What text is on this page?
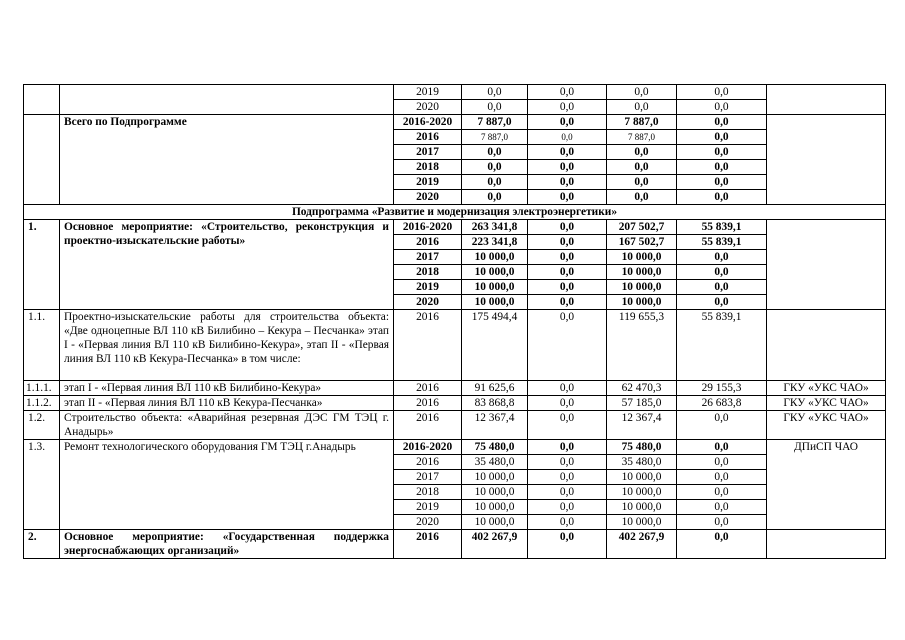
		2019	0,0	0,0	0,0	0,0	
		2020	0,0	0,0	0,0	0,0	
	Всего по Подпрограмме	2016-2020	7 887,0	0,0	7 887,0	0,0	
		2016	7 887,0	0,0	7 887,0	0,0	
		2017	0,0	0,0	0,0	0,0	
		2018	0,0	0,0	0,0	0,0	
		2019	0,0	0,0	0,0	0,0	
		2020	0,0	0,0	0,0	0,0	
Подпрограмма «Развитие и модернизация электроэнергетики»							
1.	Основное мероприятие: «Строительство, реконструкция и проектно-изыскательские работы»	2016-2020	263 341,8	0,0	207 502,7	55 839,1	
		2016	223 341,8	0,0	167 502,7	55 839,1	
		2017	10 000,0	0,0	10 000,0	0,0	
		2018	10 000,0	0,0	10 000,0	0,0	
		2019	10 000,0	0,0	10 000,0	0,0	
		2020	10 000,0	0,0	10 000,0	0,0	
1.1.	Проектно-изыскательские работы для строительства объекта: «Две одноцепные ВЛ 110 кВ Билибино – Кекура – Песчанка» этап I - «Первая линия ВЛ 110 кВ Билибино-Кекура», этап II - «Первая линия ВЛ 110 кВ Кекура-Песчанка» в том числе:	2016	175 494,4	0,0	119 655,3	55 839,1	
1.1.1.	этап I - «Первая линия ВЛ 110 кВ Билибино-Кекура»	2016	91 625,6	0,0	62 470,3	29 155,3	ГКУ «УКС ЧАО»
1.1.2.	этап II - «Первая линия ВЛ 110 кВ Кекура-Песчанка»	2016	83 868,8	0,0	57 185,0	26 683,8	ГКУ «УКС ЧАО»
1.2.	Строительство объекта: «Аварийная резервная ДЭС ГМ ТЭЦ г. Анадырь»	2016	12 367,4	0,0	12 367,4	0,0	ГКУ «УКС ЧАО»
1.3.	Ремонт технологического оборудования ГМ ТЭЦ г.Анадырь	2016-2020	75 480,0	0,0	75 480,0	0,0	ДПиСП ЧАО
		2016	35 480,0	0,0	35 480,0	0,0	
		2017	10 000,0	0,0	10 000,0	0,0	
		2018	10 000,0	0,0	10 000,0	0,0	
		2019	10 000,0	0,0	10 000,0	0,0	
		2020	10 000,0	0,0	10 000,0	0,0	
2.	Основное мероприятие: «Государственная поддержка энергоснабжающих организаций»	2016	402 267,9	0,0	402 267,9	0,0	
